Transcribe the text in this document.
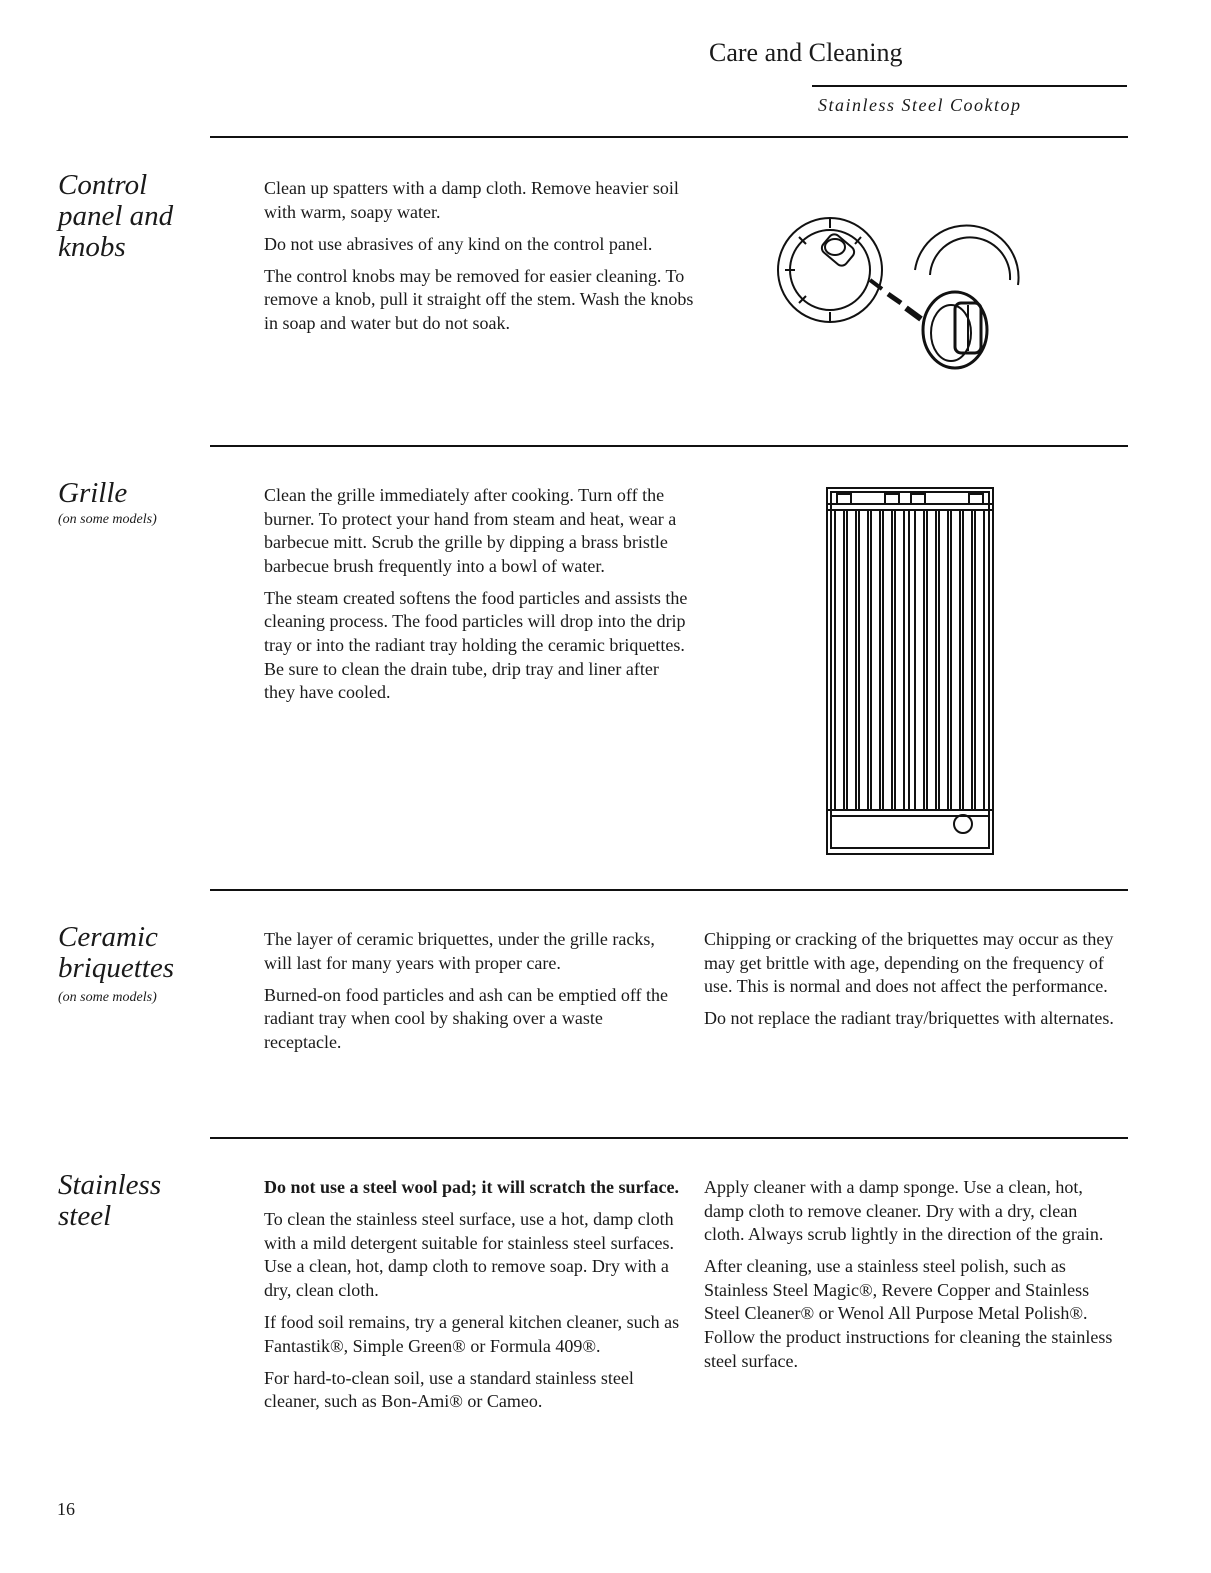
Care and Cleaning
Stainless Steel Cooktop
Control panel and knobs

Clean up spatters with a damp cloth. Remove heavier soil with warm, soapy water.

Do not use abrasives of any kind on the control panel.

The control knobs may be removed for easier cleaning. To remove a knob, pull it straight off the stem. Wash the knobs in soap and water but do not soak.

Grille
(on some models)

Clean the grille immediately after cooking. Turn off the burner. To protect your hand from steam and heat, wear a barbecue mitt. Scrub the grille by dipping a brass bristle barbecue brush frequently into a bowl of water.

The steam created softens the food particles and assists the cleaning process. The food particles will drop into the drip tray or into the radiant tray holding the ceramic briquettes. Be sure to clean the drain tube, drip tray and liner after they have cooled.

Ceramic briquettes
(on some models)

The layer of ceramic briquettes, under the grille racks, will last for many years with proper care.

Burned-on food particles and ash can be emptied off the radiant tray when cool by shaking over a waste receptacle.

Chipping or cracking of the briquettes may occur as they may get brittle with age, depending on the frequency of use. This is normal and does not affect the performance.

Do not replace the radiant tray/briquettes with alternates.

Stainless steel

Do not use a steel wool pad; it will scratch the surface.

To clean the stainless steel surface, use a hot, damp cloth with a mild detergent suitable for stainless steel surfaces. Use a clean, hot, damp cloth to remove soap. Dry with a dry, clean cloth.

If food soil remains, try a general kitchen cleaner, such as Fantastik®, Simple Green® or Formula 409®.

For hard-to-clean soil, use a standard stainless steel cleaner, such as Bon-Ami® or Cameo.

Apply cleaner with a damp sponge. Use a clean, hot, damp cloth to remove cleaner. Dry with a dry, clean cloth. Always scrub lightly in the direction of the grain.

After cleaning, use a stainless steel polish, such as Stainless Steel Magic®, Revere Copper and Stainless Steel Cleaner® or Wenol All Purpose Metal Polish®. Follow the product instructions for cleaning the stainless steel surface.

16
